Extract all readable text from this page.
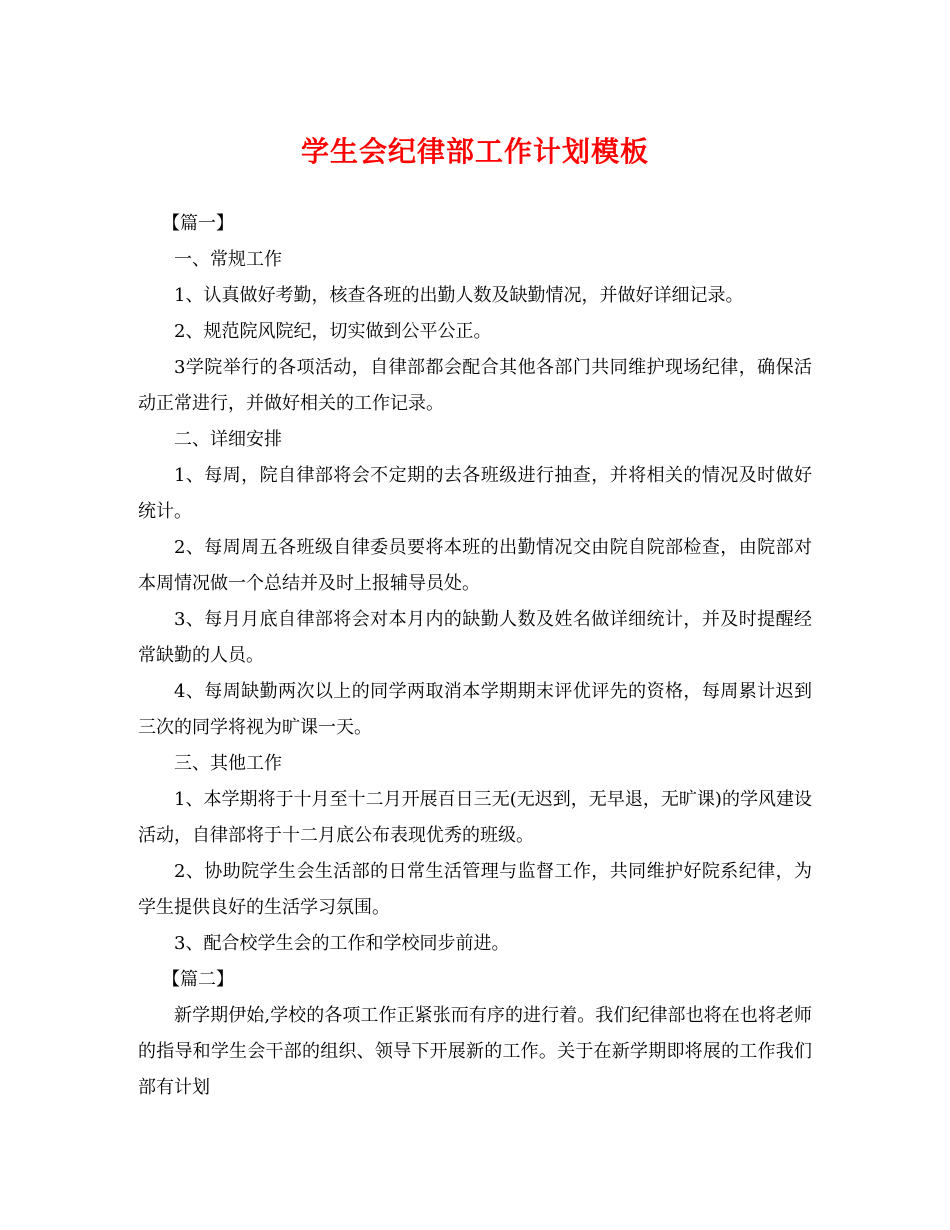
学生会纪律部工作计划模板

【篇一】

一、常规工作

1、认真做好考勤，核查各班的出勤人数及缺勤情况，并做好详细记录。

2、规范院风院纪，切实做到公平公正。

3学院举行的各项活动，自律部都会配合其他各部门共同维护现场纪律，确保活动正常进行，并做好相关的工作记录。

二、详细安排

1、每周，院自律部将会不定期的去各班级进行抽查，并将相关的情况及时做好统计。

2、每周周五各班级自律委员要将本班的出勤情况交由院自院部检查，由院部对本周情况做一个总结并及时上报辅导员处。

3、每月月底自律部将会对本月内的缺勤人数及姓名做详细统计，并及时提醒经常缺勤的人员。

4、每周缺勤两次以上的同学两取消本学期期末评优评先的资格，每周累计迟到三次的同学将视为旷课一天。

三、其他工作

1、本学期将于十月至十二月开展百日三无(无迟到，无早退，无旷课)的学风建设活动，自律部将于十二月底公布表现优秀的班级。

2、协助院学生会生活部的日常生活管理与监督工作，共同维护好院系纪律，为学生提供良好的生活学习氛围。

3、配合校学生会的工作和学校同步前进。

【篇二】

新学期伊始,学校的各项工作正紧张而有序的进行着。我们纪律部也将在也将老师的指导和学生会干部的组织、领导下开展新的工作。关于在新学期即将展的工作我们部有计划
